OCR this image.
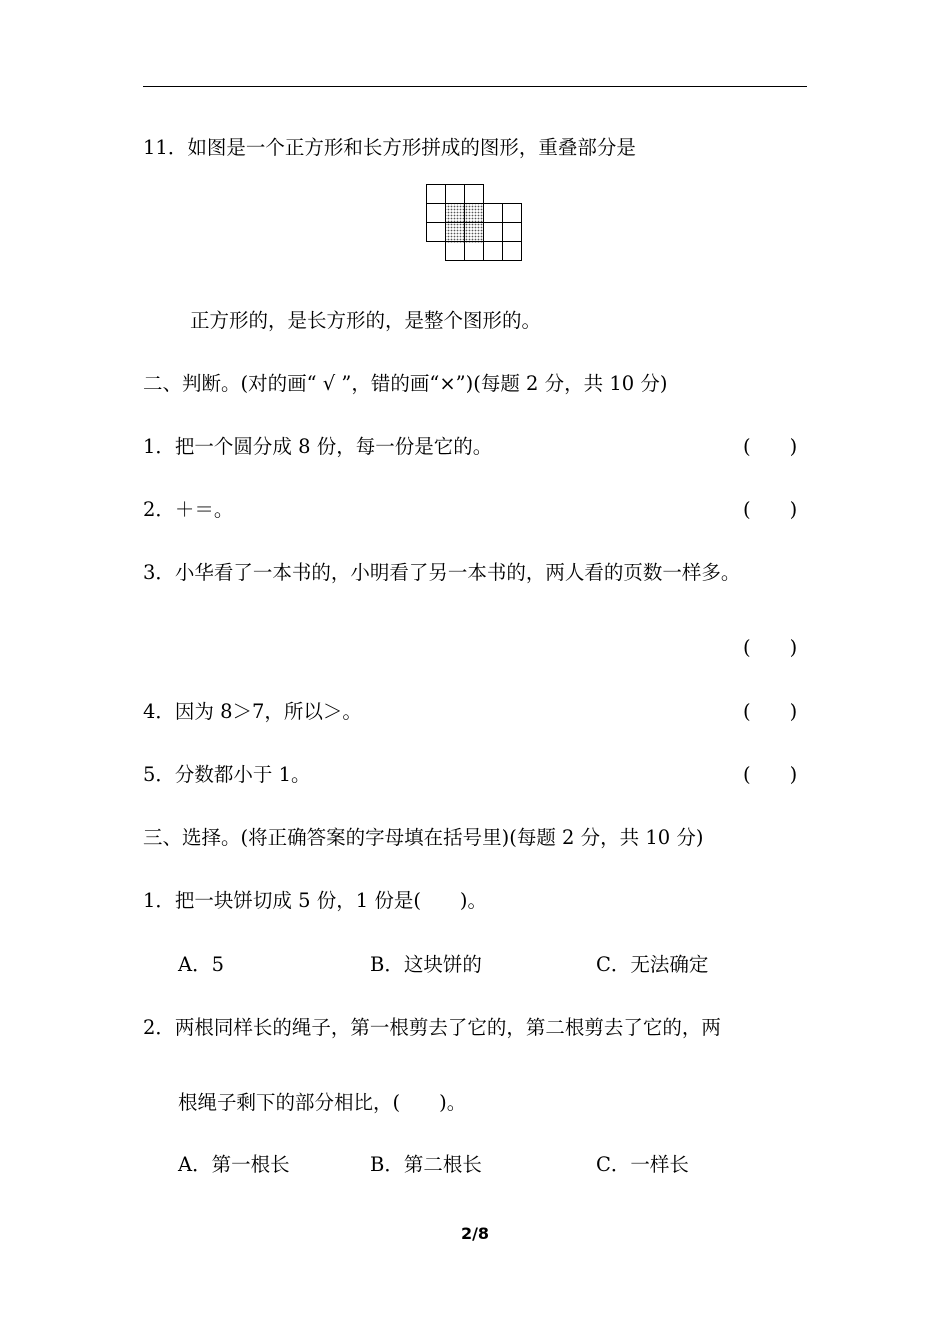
11．如图是一个正方形和长方形拼成的图形，重叠部分是
正方形的，是长方形的，是整个图形的。
二、判断。(对的画“ √ ”，错的画“×”)(每题 2 分，共 10 分)
1．把一个圆分成 8 份，每一份是它的。	(　　)
2．＋＝。	(　　)
3．小华看了一本书的，小明看了另一本书的，两人看的页数一样多。
(　　)
4．因为 8＞7，所以＞。	(　　)
5．分数都小于 1。	(　　)
三、选择。(将正确答案的字母填在括号里)(每题 2 分，共 10 分)
1．把一块饼切成 5 份，1 份是(　　)。
A．5	B．这块饼的	C．无法确定
2．两根同样长的绳子，第一根剪去了它的，第二根剪去了它的，两
根绳子剩下的部分相比，(　　)。
A．第一根长	B．第二根长	C．一样长
2/8
